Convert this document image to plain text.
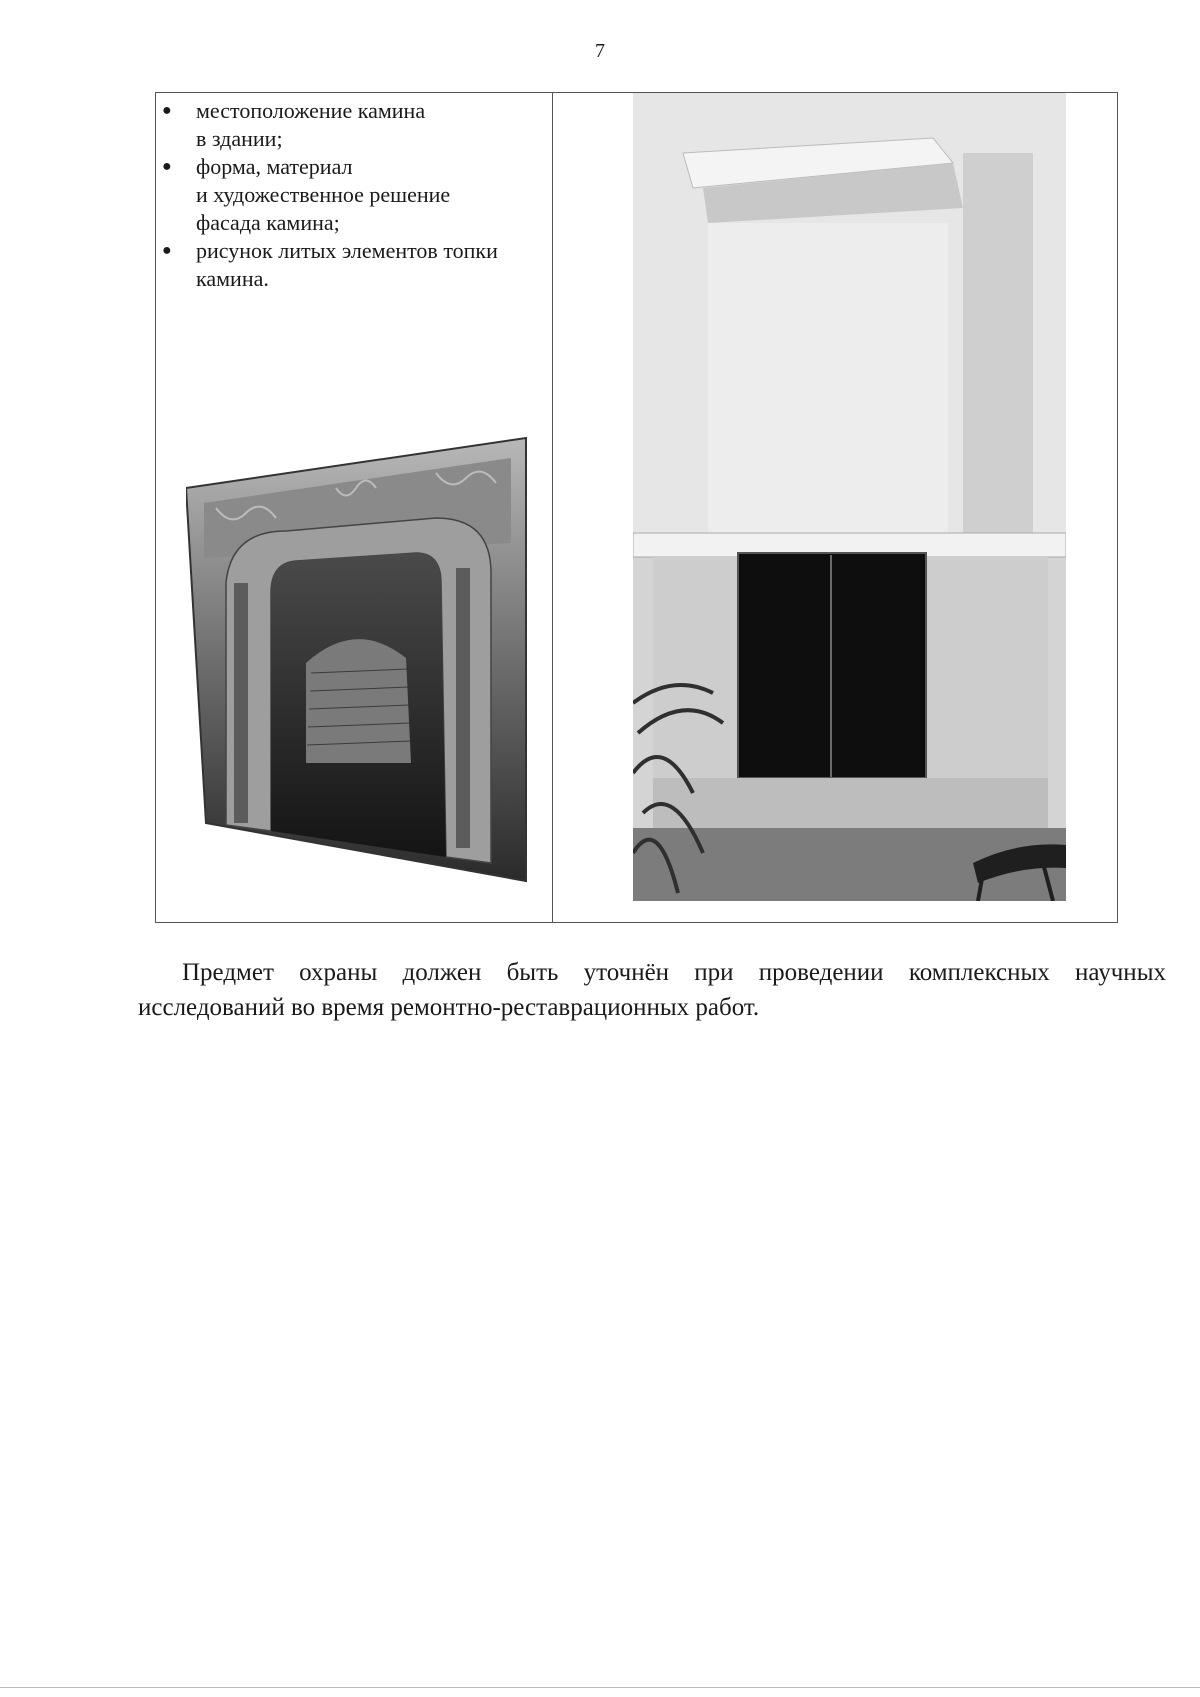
7
● местоположение камина
в здании;
● форма, материал
и художественное решение
фасада камина;
● рисунок литых элементов топки
камина.

Предмет охраны должен быть уточнён при проведении комплексных научных исследований во время ремонтно-реставрационных работ.
